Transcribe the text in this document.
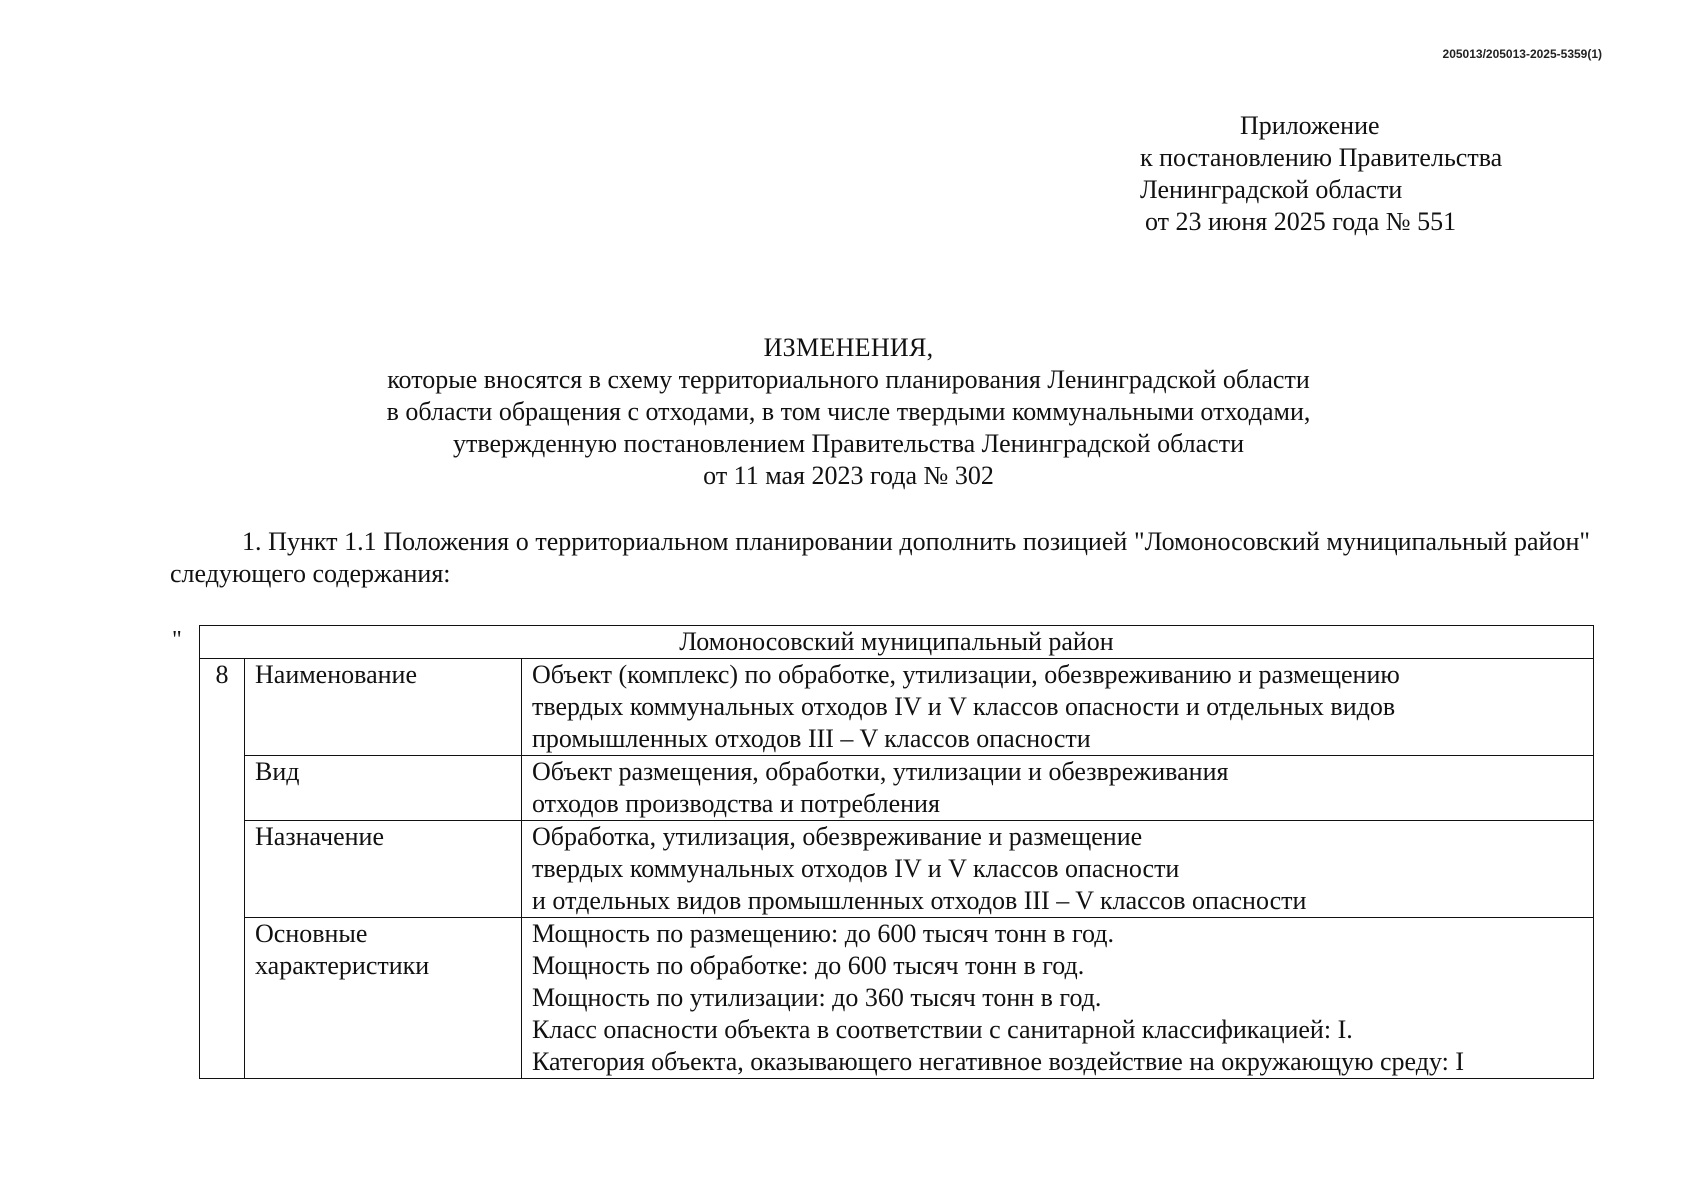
205013/205013-2025-5359(1)
Приложение
к постановлению Правительства
Ленинградской области
от 23 июня 2025 года № 551
ИЗМЕНЕНИЯ,
которые вносятся в схему территориального планирования Ленинградской области
в области обращения с отходами, в том числе твердыми коммунальными отходами,
утвержденную постановлением Правительства Ленинградской области
от 11 мая 2023 года № 302
1. Пункт 1.1 Положения о территориальном планировании дополнить позицией "Ломоносовский муниципальный район" следующего содержания:
"	Ломоносовский муниципальный район		
8	Наименование	Объект (комплекс) по обработке, утилизации, обезвреживанию и размещению
твердых коммунальных отходов IV и V классов опасности и отдельных видов
промышленных отходов III – V классов опасности
	Вид	Объект размещения, обработки, утилизации и обезвреживания
отходов производства и потребления
	Назначение	Обработка, утилизация, обезвреживание и размещение
твердых коммунальных отходов IV и V классов опасности
и отдельных видов промышленных отходов III – V классов опасности
	Основные
характеристики	Мощность по размещению: до 600 тысяч тонн в год.
Мощность по обработке: до 600 тысяч тонн в год.
Мощность по утилизации: до 360 тысяч тонн в год.
Класс опасности объекта в соответствии с санитарной классификацией: I.
Категория объекта, оказывающего негативное воздействие на окружающую среду: I
